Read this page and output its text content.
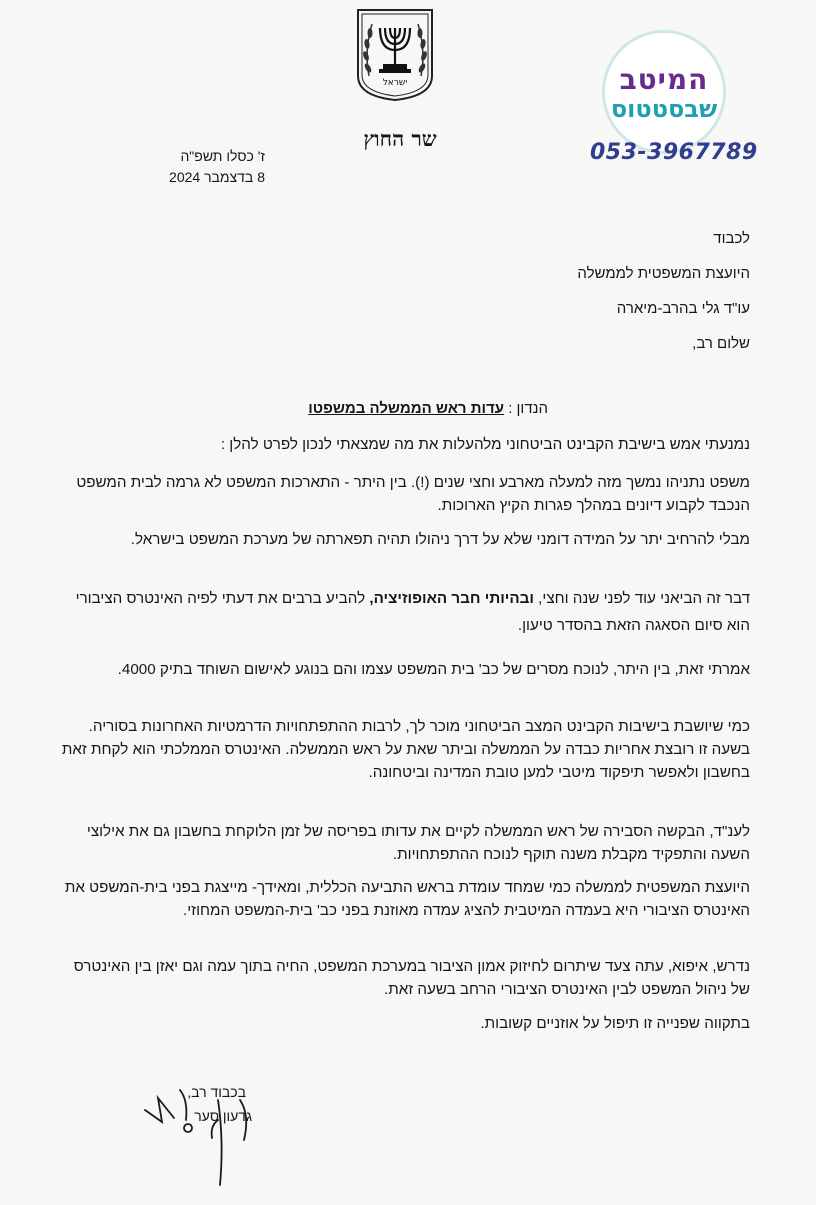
ישראל	המיטב
שבסטטוס
053-3967789
שר החוץ
ז' כסלו תשפ"ה
8 בדצמבר 2024
לכבוד
היועצת המשפטית לממשלה
עו"ד גלי בהרב-מיארה
שלום רב,
הנדון : עדות ראש הממשלה במשפטו

נמנעתי אמש בישיבת הקבינט הביטחוני מלהעלות את מה שמצאתי לנכון לפרט להלן :

משפט נתניהו נמשך מזה למעלה מארבע וחצי שנים (!). בין היתר - התארכות המשפט לא גרמה לבית המשפט הנכבד לקבוע דיונים במהלך פגרות הקיץ הארוכות.

מבלי להרחיב יתר על המידה דומני שלא על דרך ניהולו תהיה תפארתה של מערכת המשפט בישראל.

דבר זה הביאני עוד לפני שנה וחצי, ובהיותי חבר האופוזיציה, להביע ברבים את דעתי לפיה האינטרס הציבורי הוא סיום הסאגה הזאת בהסדר טיעון.

אמרתי זאת, בין היתר, לנוכח מסרים של כב' בית המשפט עצמו והם בנוגע לאישום השוחד בתיק 4000.

כמי שיושבת בישיבות הקבינט המצב הביטחוני מוכר לך, לרבות ההתפתחויות הדרמטיות האחרונות בסוריה. בשעה זו רובצת אחריות כבדה על הממשלה וביתר שאת על ראש הממשלה. האינטרס הממלכתי הוא לקחת זאת בחשבון ולאפשר תיפקוד מיטבי למען טובת המדינה וביטחונה.

לענ"ד, הבקשה הסבירה של ראש הממשלה לקיים את עדותו בפריסה של זמן הלוקחת בחשבון גם את אילוצי השעה והתפקיד מקבלת משנה תוקף לנוכח ההתפתחויות.

היועצת המשפטית לממשלה כמי שמחד עומדת בראש התביעה הכללית, ומאידך- מייצגת בפני בית-המשפט את האינטרס הציבורי היא בעמדה המיטבית להציג עמדה מאוזנת בפני כב' בית-המשפט המחוזי.

נדרש, איפוא, עתה צעד שיתרום לחיזוק אמון הציבור במערכת המשפט, החיה בתוך עמה וגם יאזן בין האינטרס של ניהול המשפט לבין האינטרס הציבורי הרחב בשעה זאת.

בתקווה שפנייה זו תיפול על אוזניים קשובות.

בכבוד רב,
גדעון סער
